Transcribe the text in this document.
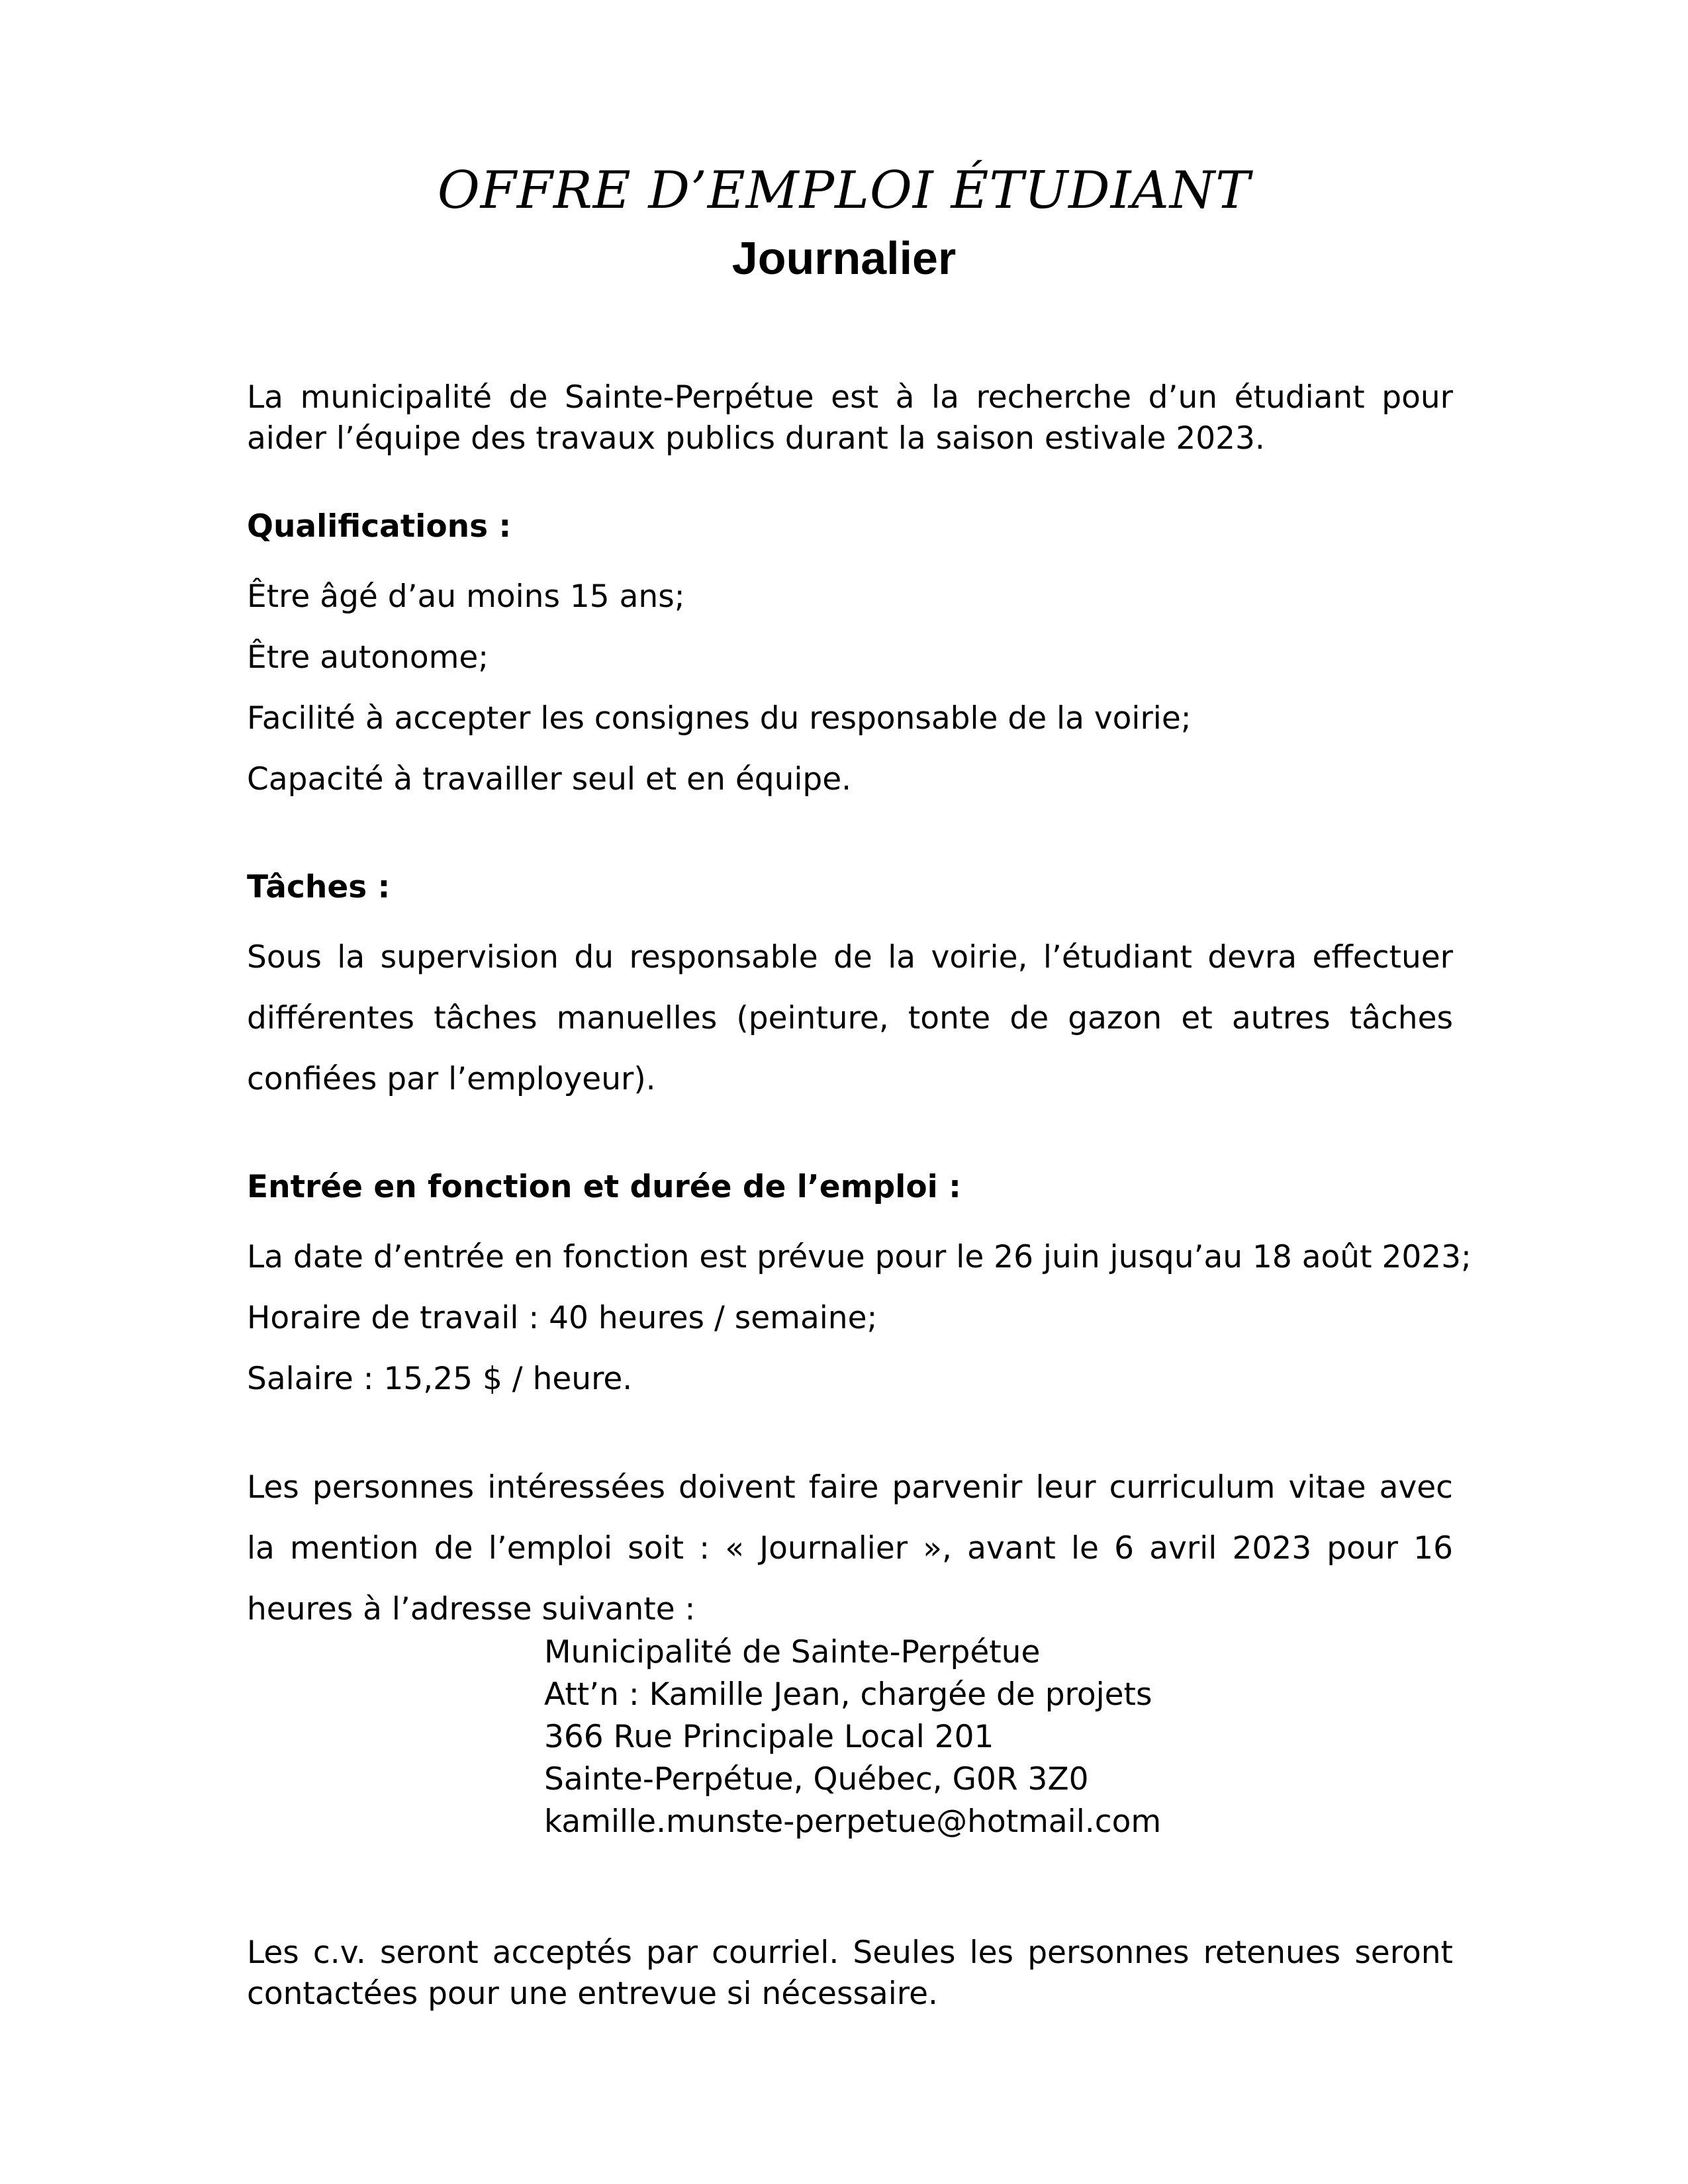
OFFRE D’EMPLOI ÉTUDIANT
Journalier
La municipalité de Sainte-Perpétue est à la recherche d’un étudiant pour aider l’équipe des travaux publics durant la saison estivale 2023.
Qualifications :
Être âgé d’au moins 15 ans;
Être autonome;
Facilité à accepter les consignes du responsable de la voirie;
Capacité à travailler seul et en équipe.
Tâches :
Sous la supervision du responsable de la voirie, l’étudiant devra effectuer différentes tâches manuelles (peinture, tonte de gazon et autres tâches confiées par l’employeur).
Entrée en fonction et durée de l’emploi :
La date d’entrée en fonction est prévue pour le 26 juin jusqu’au 18 août 2023;
Horaire de travail : 40 heures / semaine;
Salaire : 15,25 $ / heure.
Les personnes intéressées doivent faire parvenir leur curriculum vitae avec la mention de l’emploi soit : « Journalier », avant le 6 avril 2023 pour 16 heures à l’adresse suivante :
Municipalité de Sainte-Perpétue
Att’n : Kamille Jean, chargée de projets
366 Rue Principale Local 201
Sainte-Perpétue, Québec, G0R 3Z0
kamille.munste-perpetue@hotmail.com
Les c.v. seront acceptés par courriel. Seules les personnes retenues seront contactées pour une entrevue si nécessaire.
